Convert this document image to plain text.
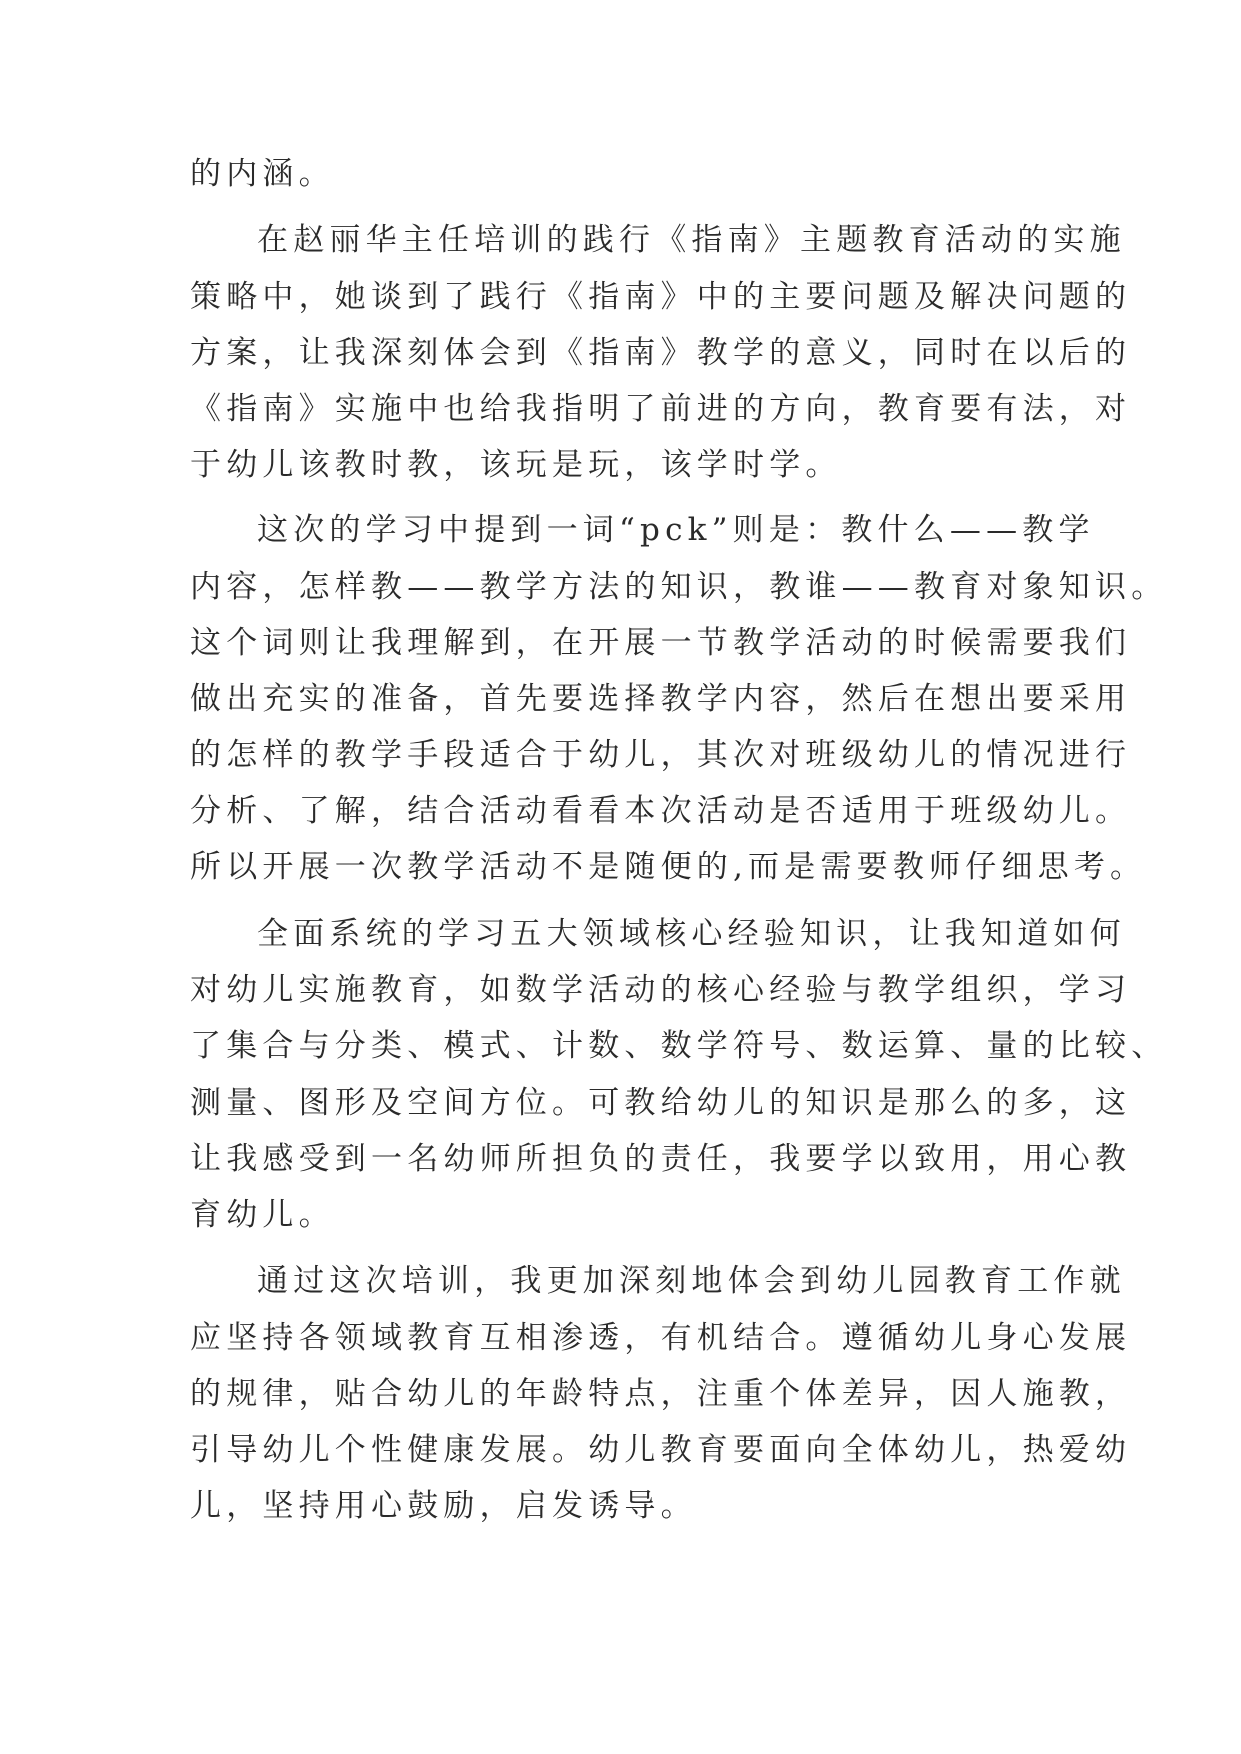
的内涵。

在赵丽华主任培训的践行《指南》主题教育活动的实施

策略中，她谈到了践行《指南》中的主要问题及解决问题的

方案，让我深刻体会到《指南》教学的意义，同时在以后的

《指南》实施中也给我指明了前进的方向，教育要有法，对

于幼儿该教时教，该玩是玩，该学时学。

这次的学习中提到一词“pck”则是：教什么——教学

内容，怎样教——教学方法的知识，教谁——教育对象知识。

这个词则让我理解到，在开展一节教学活动的时候需要我们

做出充实的准备，首先要选择教学内容，然后在想出要采用

的怎样的教学手段适合于幼儿，其次对班级幼儿的情况进行

分析、了解，结合活动看看本次活动是否适用于班级幼儿。

所以开展一次教学活动不是随便的,而是需要教师仔细思考。

全面系统的学习五大领域核心经验知识，让我知道如何

对幼儿实施教育，如数学活动的核心经验与教学组织，学习

了集合与分类、模式、计数、数学符号、数运算、量的比较、

测量、图形及空间方位。可教给幼儿的知识是那么的多，这

让我感受到一名幼师所担负的责任，我要学以致用，用心教

育幼儿。

通过这次培训，我更加深刻地体会到幼儿园教育工作就

应坚持各领域教育互相渗透，有机结合。遵循幼儿身心发展

的规律，贴合幼儿的年龄特点，注重个体差异，因人施教，

引导幼儿个性健康发展。幼儿教育要面向全体幼儿，热爱幼

儿，坚持用心鼓励，启发诱导。
